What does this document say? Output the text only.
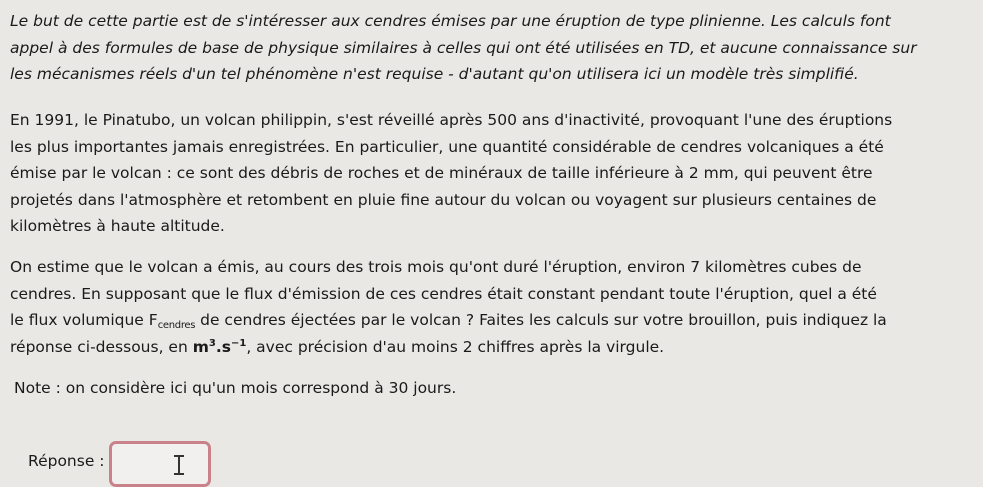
Le but de cette partie est de s'intéresser aux cendres émises par une éruption de type plinienne. Les calculs font
appel à des formules de base de physique similaires à celles qui ont été utilisées en TD, et aucune connaissance sur
les mécanismes réels d'un tel phénomène n'est requise - d'autant qu'on utilisera ici un modèle très simplifié.
En 1991, le Pinatubo, un volcan philippin, s'est réveillé après 500 ans d'inactivité, provoquant l'une des éruptions
les plus importantes jamais enregistrées. En particulier, une quantité considérable de cendres volcaniques a été
émise par le volcan : ce sont des débris de roches et de minéraux de taille inférieure à 2 mm, qui peuvent être
projetés dans l'atmosphère et retombent en pluie fine autour du volcan ou voyagent sur plusieurs centaines de
kilomètres à haute altitude.
On estime que le volcan a émis, au cours des trois mois qu'ont duré l'éruption, environ 7 kilomètres cubes de
cendres. En supposant que le flux d'émission de ces cendres était constant pendant toute l'éruption, quel a été
le flux volumique $F_{cendres}$ de cendres éjectées par le volcan ? Faites les calculs sur votre brouillon, puis indiquez la
réponse ci-dessous, en $m^3.s^{-1}$, avec précision d'au moins 2 chiffres après la virgule.
Note : on considère ici qu'un mois correspond à 30 jours.
Réponse :
